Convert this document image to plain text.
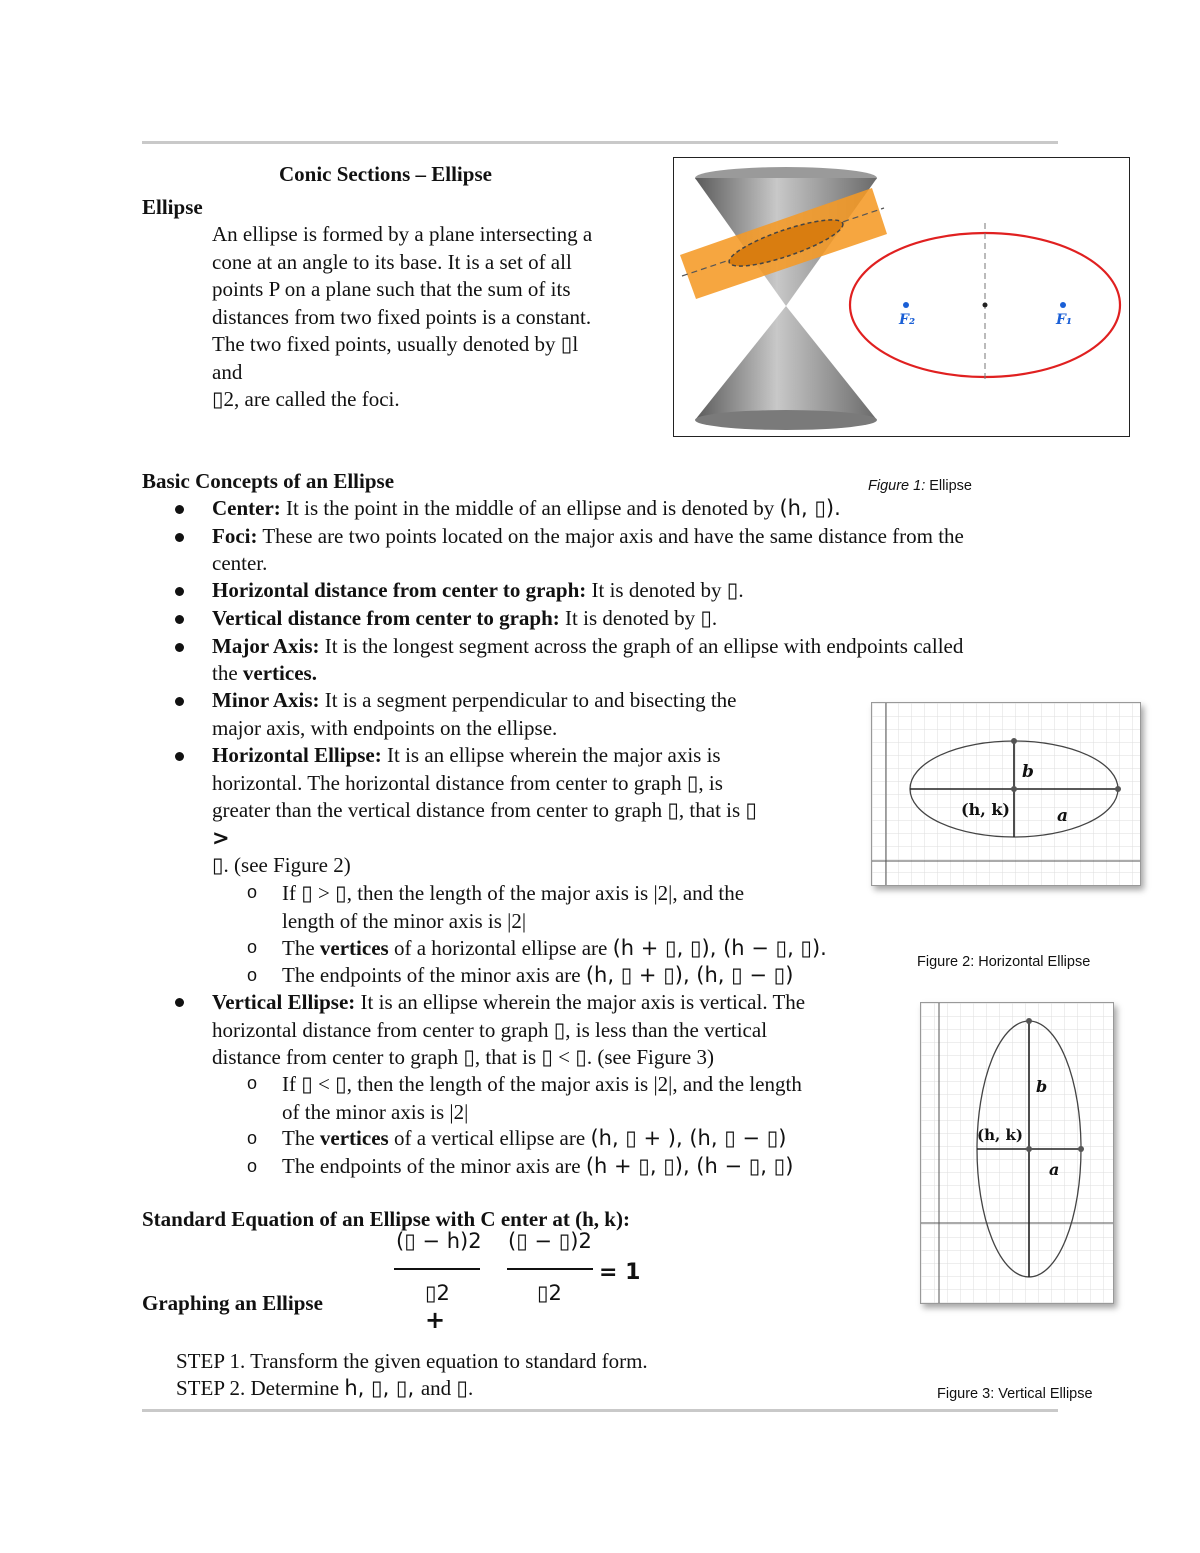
Conic Sections – Ellipse
Ellipse
An ellipse is formed by a plane intersecting a
cone at an angle to its base. It is a set of all
points P on a plane such that the sum of its
distances from two fixed points is a constant.
The two fixed points, usually denoted by ▯l
and
▯2, are called the foci.
F₂	F₁
Figure 1: Ellipse
Basic Concepts of an Ellipse
Center: It is the point in the middle of an ellipse and is denoted by (h, ▯).
Foci: These are two points located on the major axis and have the same distance from the
center.
Horizontal distance from center to graph: It is denoted by ▯.
Vertical distance from center to graph: It is denoted by ▯.
Major Axis: It is the longest segment across the graph of an ellipse with endpoints called
the vertices.
Minor Axis: It is a segment perpendicular to and bisecting the
major axis, with endpoints on the ellipse.
Horizontal Ellipse: It is an ellipse wherein the major axis is
horizontal. The horizontal distance from center to graph ▯, is
greater than the vertical distance from center to graph ▯, that is ▯
>
▯. (see Figure 2)
o If ▯ > ▯, then the length of the major axis is |2|, and the
length of the minor axis is |2|
o The vertices of a horizontal ellipse are (h + ▯, ▯), (h − ▯, ▯).
o The endpoints of the minor axis are (h, ▯ + ▯), (h, ▯ − ▯)
Vertical Ellipse: It is an ellipse wherein the major axis is vertical. The
horizontal distance from center to graph ▯, is less than the vertical
distance from center to graph ▯, that is ▯ < ▯. (see Figure 3)
o If ▯ < ▯, then the length of the major axis is |2|, and the length
of the minor axis is |2|
o The vertices of a vertical ellipse are (h, ▯ + ), (h, ▯ − ▯)
o The endpoints of the minor axis are (h + ▯, ▯), (h − ▯, ▯)
b
a
(h, k)
Figure 2: Horizontal Ellipse
b
a
(h, k)
Figure 3: Vertical Ellipse
Standard Equation of an Ellipse with C enter at (h, k):
(▯ − h)2 (▯ − ▯)2
▯2	▯2
+
= 1
Graphing an Ellipse
STEP 1. Transform the given equation to standard form.
STEP 2. Determine h, ▯, ▯, and ▯.
